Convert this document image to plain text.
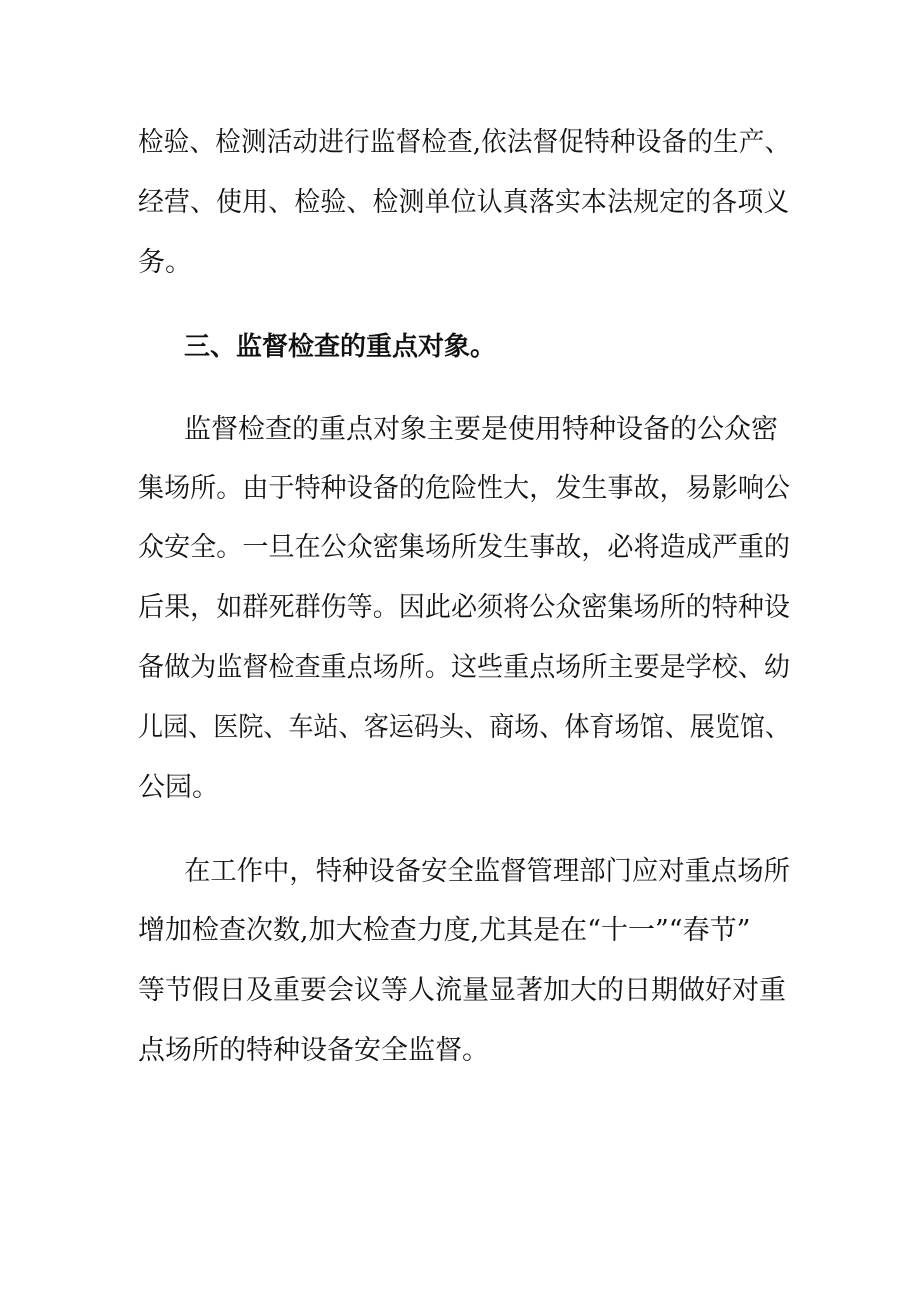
检验、检测活动进行监督检查,依法督促特种设备的生产、
经营、使用、检验、检测单位认真落实本法规定的各项义
务。
三、监督检查的重点对象。
监督检查的重点对象主要是使用特种设备的公众密
集场所。由于特种设备的危险性大，发生事故，易影响公
众安全。一旦在公众密集场所发生事故，必将造成严重的
后果，如群死群伤等。因此必须将公众密集场所的特种设
备做为监督检查重点场所。这些重点场所主要是学校、幼
儿园、医院、车站、客运码头、商场、体育场馆、展览馆、
公园。
在工作中，特种设备安全监督管理部门应对重点场所
增加检查次数,加大检查力度,尤其是在“十一”“春节”
等节假日及重要会议等人流量显著加大的日期做好对重
点场所的特种设备安全监督。
